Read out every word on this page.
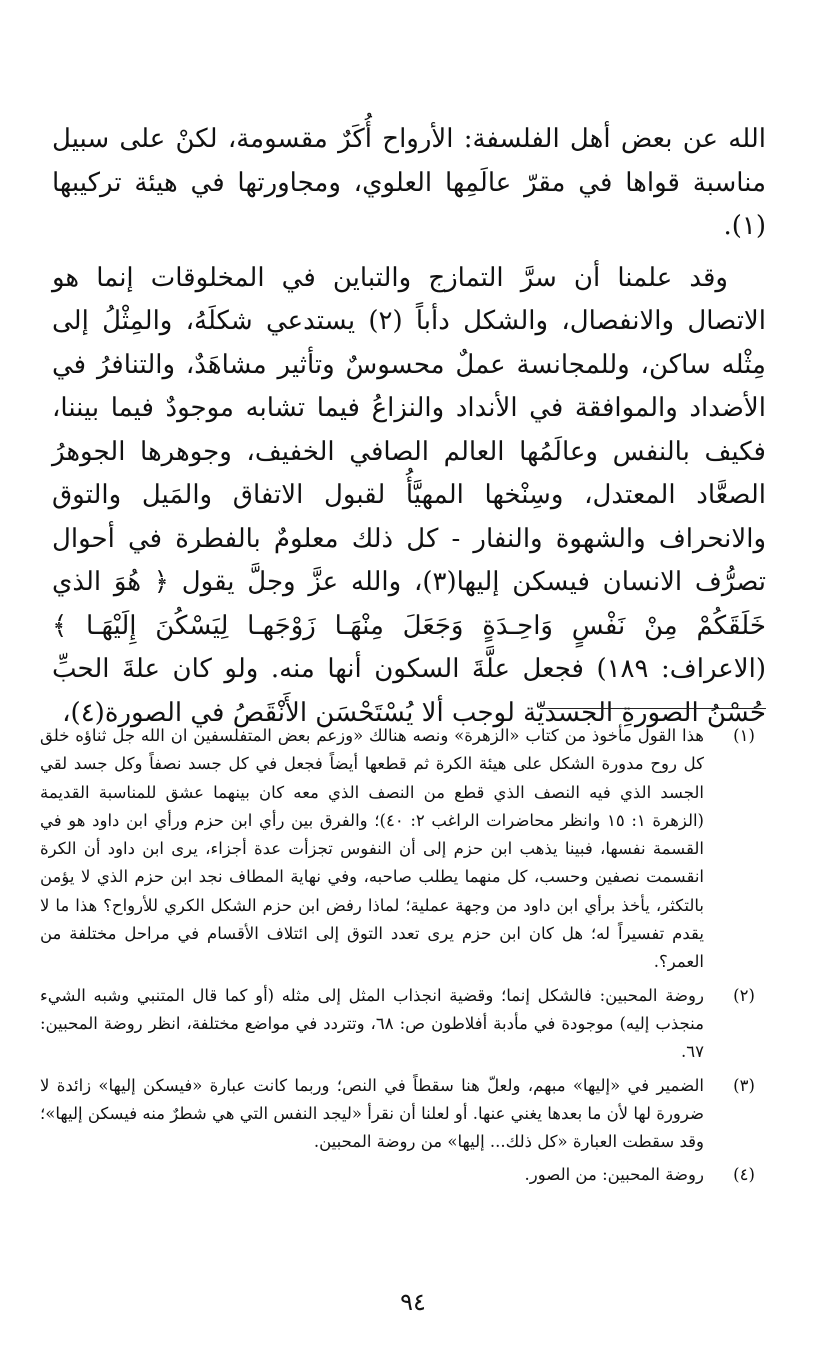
الله عن بعض أهل الفلسفة: الأرواح أُكَرٌ مقسومة، لكنْ على سبيل مناسبة قواها في مقرّ عالَمِها العلوي، ومجاورتها في هيئة تركيبها (١).

وقد علمنا أن سرَّ التمازج والتباين في المخلوقات إنما هو الاتصال والانفصال، والشكل دأباً (٢) يستدعي شكلَهُ، والمِثْلُ إلى مِثْله ساكن، وللمجانسة عملٌ محسوسٌ وتأثير مشاهَدٌ، والتنافرُ في الأضداد والموافقة في الأنداد والنزاعُ فيما تشابه موجودٌ فيما بيننا، فكيف بالنفس وعالَمُها العالم الصافي الخفيف، وجوهرها الجوهرُ الصعَّاد المعتدل، وسِنْخها المهيَّأُ لقبول الاتفاق والمَيل والتوق والانحراف والشهوة والنفار - كل ذلك معلومٌ بالفطرة في أحوال تصرُّف الانسان فيسكن إليها(٣)، والله عزَّ وجلَّ يقول ﴿ هُوَ الذي خَلَقَكُمْ مِنْ نَفْسٍ وَاحِـدَةٍ وَجَعَلَ مِنْهَـا زَوْجَهـا لِيَسْكُنَ إِلَيْهَـا ﴾ (الاعراف: ١٨٩) فجعل علَّةَ السكون أنها منه. ولو كان علةَ الحبِّ حُسْنُ الصورةِ الجسديّة لوجب ألا يُسْتَحْسَن الأَنْقَصُ في الصورة(٤)،

(١)
هذا القول مأخوذ من كتاب «الزهرة» ونصه هنالك «وزعم بعض المتفلسفين ان الله جل ثناؤه خلق كل روح مدورة الشكل على هيئة الكرة ثم قطعها أيضاً فجعل في كل جسد نصفاً وكل جسد لقي الجسد الذي فيه النصف الذي قطع من النصف الذي معه كان بينهما عشق للمناسبة القديمة (الزهرة ١: ١٥ وانظر محاضرات الراغب ٢: ٤٠)؛ والفرق بين رأي ابن حزم ورأي ابن داود هو في القسمة نفسها، فبينا يذهب ابن حزم إلى أن النفوس تجزأت عدة أجزاء، يرى ابن داود أن الكرة انقسمت نصفين وحسب، كل منهما يطلب صاحبه، وفي نهاية المطاف نجد ابن حزم الذي لا يؤمن بالتكثر، يأخذ برأي ابن داود من وجهة عملية؛ لماذا رفض ابن حزم الشكل الكري للأرواح؟ هذا ما لا يقدم تفسيراً له؛ هل كان ابن حزم يرى تعدد التوق إلى ائتلاف الأقسام في مراحل مختلفة من العمر؟.
(٢)
روضة المحبين: فالشكل إنما؛ وقضية انجذاب المثل إلى مثله (أو كما قال المتنبي وشبه الشيء منجذب إليه) موجودة في مأدبة أفلاطون ص: ٦٨، وتتردد في مواضع مختلفة، انظر روضة المحبين: ٦٧.
(٣)
الضمير في «إليها» مبهم، ولعلّ هنا سقطاً في النص؛ وربما كانت عبارة «فيسكن إليها» زائدة لا ضرورة لها لأن ما بعدها يغني عنها. أو لعلنا أن نقرأ «ليجد النفس التي هي شطرٌ منه فيسكن إليها»؛ وقد سقطت العبارة «كل ذلك... إليها» من روضة المحبين.
(٤)
روضة المحبين: من الصور.
٩٤
